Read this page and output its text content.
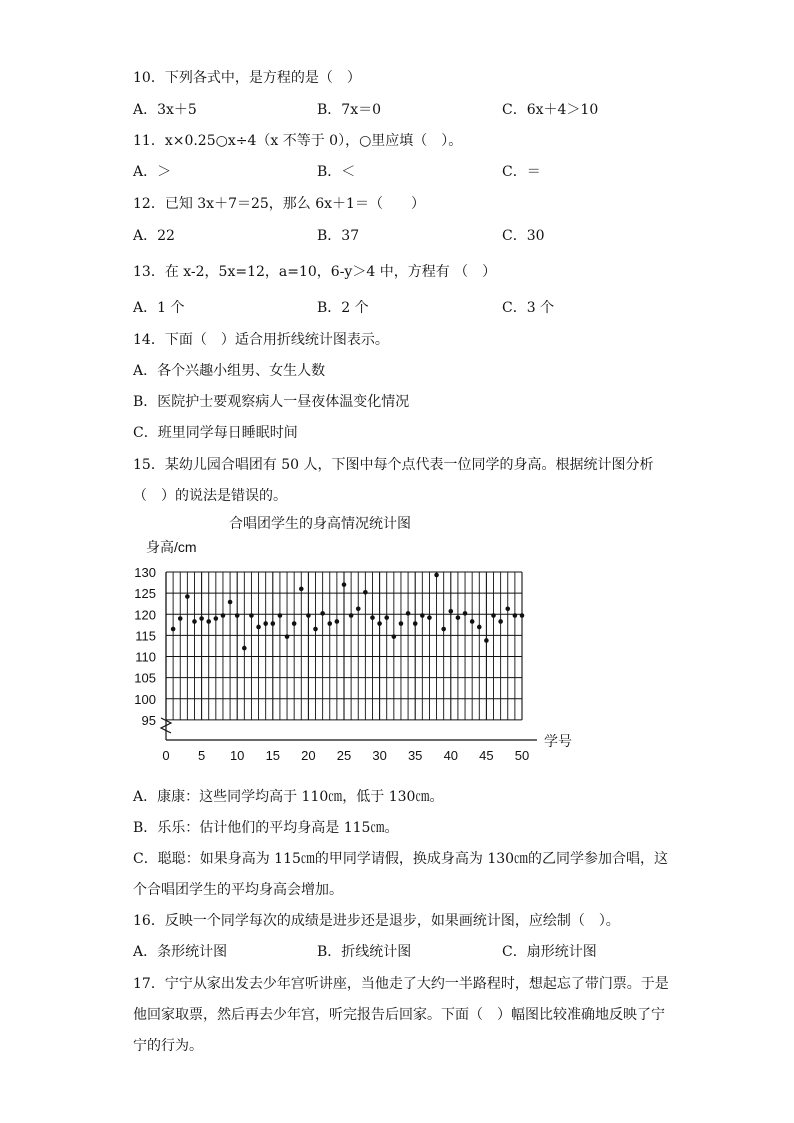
10．下列各式中，是方程的是（　）
A．3x＋5	B．7x＝0	C．6x＋4＞10
11．x×0.25○x÷4（x 不等于 0），○里应填（　）。
A．＞	B．＜	C．＝
12．已知 3x＋7＝25，那么 6x＋1＝（　　）
A．22	B．37	C．30
13．在 x-2，5x=12，a=10，6-y＞4 中，方程有 （　）
A．1 个	B．2 个	C．3 个
14．下面（　）适合用折线统计图表示。
A．各个兴趣小组男、女生人数
B．医院护士要观察病人一昼夜体温变化情况
C．班里同学每日睡眠时间
15．某幼儿园合唱团有 50 人，下图中每个点代表一位同学的身高。根据统计图分析
（　）的说法是错误的。
合唱团学生的身高情况统计图
身高/cm
95
100
105
110
115
120
125
130
0 5 10 15 20 25 30 35 40 45 50
学号
A．康康：这些同学均高于 110㎝，低于 130㎝。
B．乐乐：估计他们的平均身高是 115㎝。
C．聪聪：如果身高为 115㎝的甲同学请假，换成身高为 130㎝的乙同学参加合唱，这
个合唱团学生的平均身高会增加。
16．反映一个同学每次的成绩是进步还是退步，如果画统计图，应绘制（　）。
A．条形统计图	B．折线统计图	C．扇形统计图
17．宁宁从家出发去少年宫听讲座，当他走了大约一半路程时，想起忘了带门票。于是
他回家取票，然后再去少年宫，听完报告后回家。下面（　）幅图比较准确地反映了宁
宁的行为。
